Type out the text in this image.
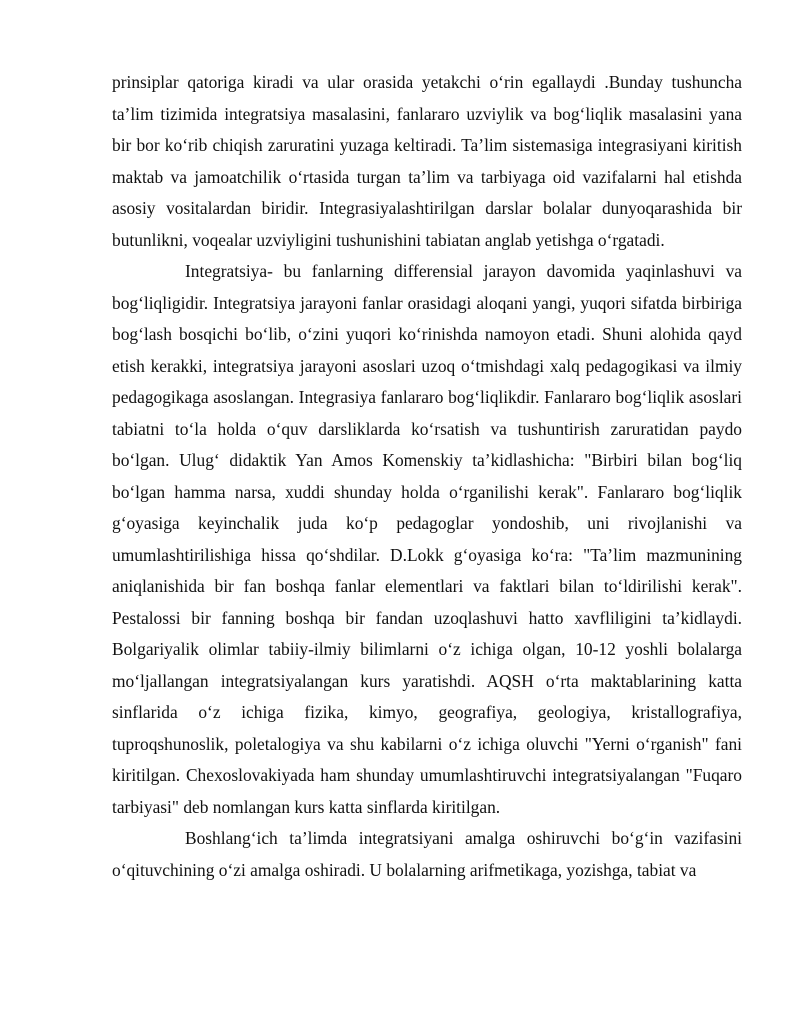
prinsiplar qatoriga kiradi va ular orasida yetakchi o‘rin egallaydi .Bunday tushuncha ta’lim tizimida integratsiya masalasini, fanlararo uzviylik va bog‘liqlik masalasini yana bir bor ko‘rib chiqish zaruratini yuzaga keltiradi. Ta’lim sistemasiga integrasiyani kiritish maktab va jamoatchilik o‘rtasida turgan ta’lim va tarbiyaga oid vazifalarni hal etishda asosiy vositalardan biridir. Integrasiyalashtirilgan darslar bolalar dunyoqarashida bir butunlikni, voqealar uzviyligini tushunishini tabiatan anglab yetishga o‘rgatadi.

Integratsiya- bu fanlarning differensial jarayon davomida yaqinlashuvi va bog‘liqligidir. Integratsiya jarayoni fanlar orasidagi aloqani yangi, yuqori sifatda birbiriga bog‘lash bosqichi bo‘lib, o‘zini yuqori ko‘rinishda namoyon etadi. Shuni alohida qayd etish kerakki, integratsiya jarayoni asoslari uzoq o‘tmishdagi xalq pedagogikasi va ilmiy pedagogikaga asoslangan. Integrasiya fanlararo bog‘liqlikdir. Fanlararo bog‘liqlik asoslari tabiatni to‘la holda o‘quv darsliklarda ko‘rsatish va tushuntirish zaruratidan paydo bo‘lgan. Ulug‘ didaktik Yan Amos Komenskiy ta’kidlashicha: "Birbiri bilan bog‘liq bo‘lgan hamma narsa, xuddi shunday holda o‘rganilishi kerak". Fanlararo bog‘liqlik g‘oyasiga keyinchalik juda ko‘p pedagoglar yondoshib, uni rivojlanishi va umumlashtirilishiga hissa qo‘shdilar. D.Lokk g‘oyasiga ko‘ra: "Ta’lim mazmunining aniqlanishida bir fan boshqa fanlar elementlari va faktlari bilan to‘ldirilishi kerak". Pestalossi bir fanning boshqa bir fandan uzoqlashuvi hatto xavfliligini ta’kidlaydi. Bolgariyalik olimlar tabiiy-ilmiy bilimlarni o‘z ichiga olgan, 10-12 yoshli bolalarga mo‘ljallangan integratsiyalangan kurs yaratishdi. AQSH o‘rta maktablarining katta sinflarida o‘z ichiga fizika, kimyo, geografiya, geologiya, kristallografiya, tuproqshunoslik, poletalogiya va shu kabilarni o‘z ichiga oluvchi "Yerni o‘rganish" fani kiritilgan. Chexoslovakiyada ham shunday umumlashtiruvchi integratsiyalangan "Fuqaro tarbiyasi" deb nomlangan kurs katta sinflarda kiritilgan.

Boshlang‘ich ta’limda integratsiyani amalga oshiruvchi bo‘g‘in vazifasini o‘qituvchining o‘zi amalga oshiradi. U bolalarning arifmetikaga, yozishga, tabiat va
